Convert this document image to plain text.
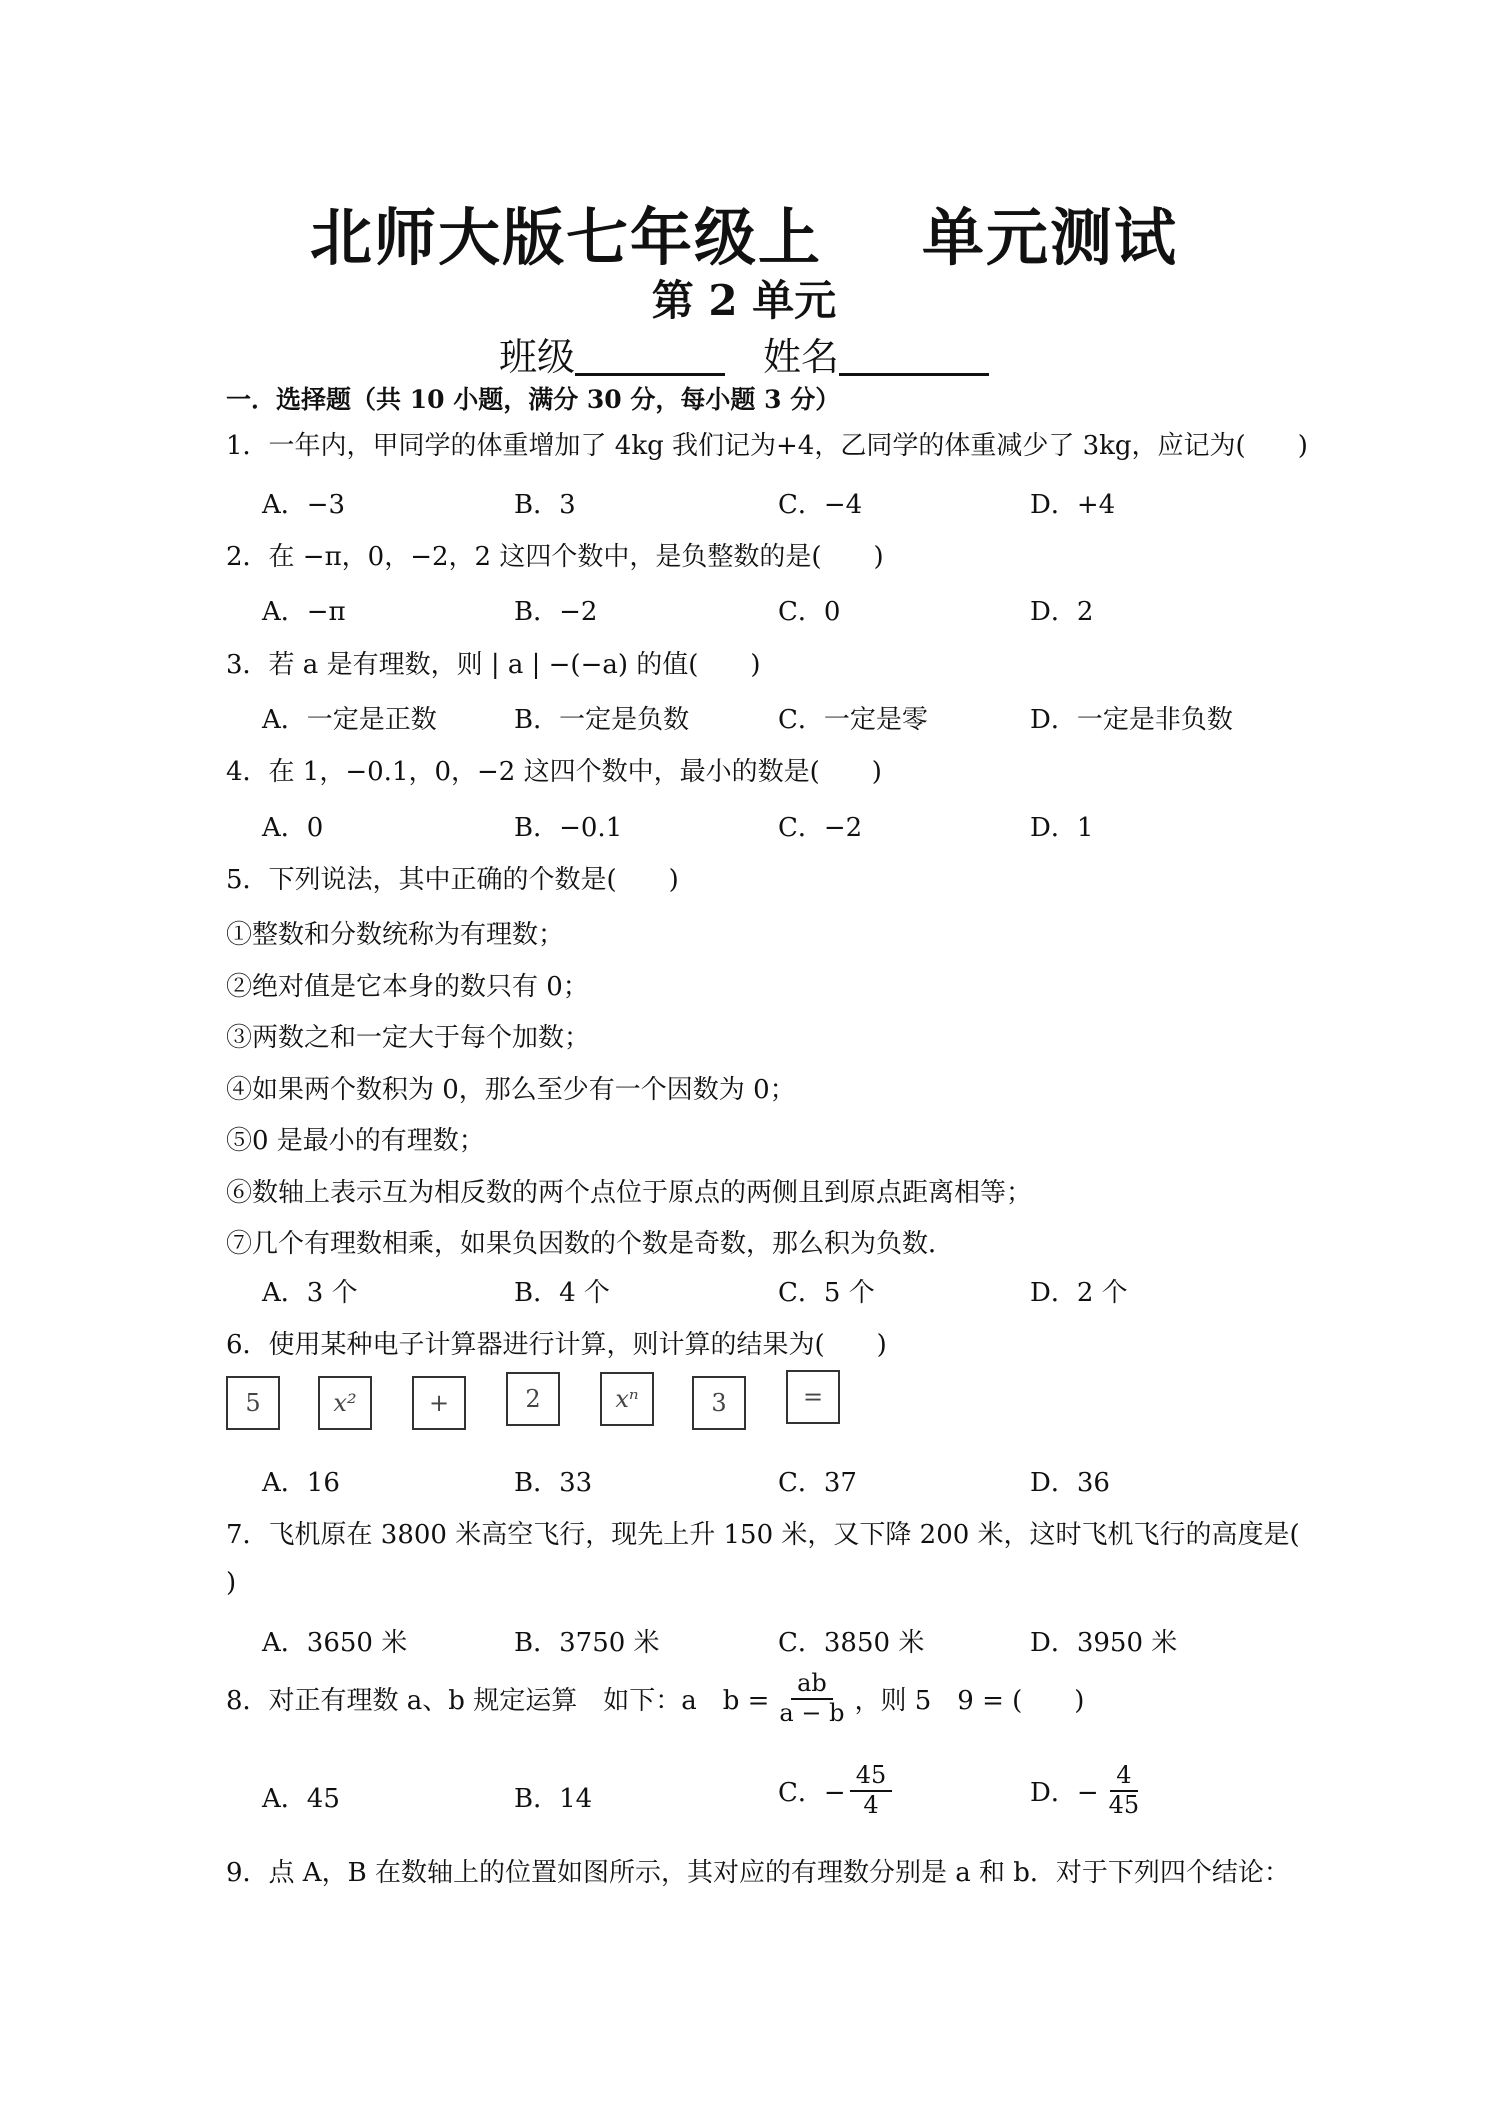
北师大版七年级上 单元测试
第 2 单元
班级	姓名
一．选择题（共 10 小题，满分 30 分，每小题 3 分）
1．一年内，甲同学的体重增加了 4kg 我们记为+4，乙同学的体重减少了 3kg，应记为(　　)
A．−3	B．3	C．−4	D．+4
2．在 −π，0，−2，2 这四个数中，是负整数的是(　　)
A．−π	B．−2	C．0	D．2
3．若 a 是有理数，则 | a | −(−a) 的值(　　)
A．一定是正数	B．一定是负数	C．一定是零	D．一定是非负数
4．在 1，−0.1，0，−2 这四个数中，最小的数是(　　)
A．0	B．−0.1	C．−2	D．1
5．下列说法，其中正确的个数是(　　)
①整数和分数统称为有理数；
②绝对值是它本身的数只有 0；
③两数之和一定大于每个加数；
④如果两个数积为 0，那么至少有一个因数为 0；
⑤0 是最小的有理数；
⑥数轴上表示互为相反数的两个点位于原点的两侧且到原点距离相等；
⑦几个有理数相乘，如果负因数的个数是奇数，那么积为负数．
A．3 个	B．4 个	C．5 个	D．2 个
6．使用某种电子计算器进行计算，则计算的结果为(　　)
5	x²	+	2	xⁿ	3	=
A．16	B．33	C．37	D．36
7．飞机原在 3800 米高空飞行，现先上升 150 米，又下降 200 米，这时飞机飞行的高度是(
)
A．3650 米	B．3750 米	C．3850 米	D．3950 米
8．对正有理数 a、b 规定运算　如下：a　$b = \frac{ab}{a - b}$ ，则 5　9 = (　　)
A．45	B．14	C．− $\frac{45}{4}$	D．− $\frac{4}{45}$
9．点 A，B 在数轴上的位置如图所示，其对应的有理数分别是 a 和 b．对于下列四个结论：
